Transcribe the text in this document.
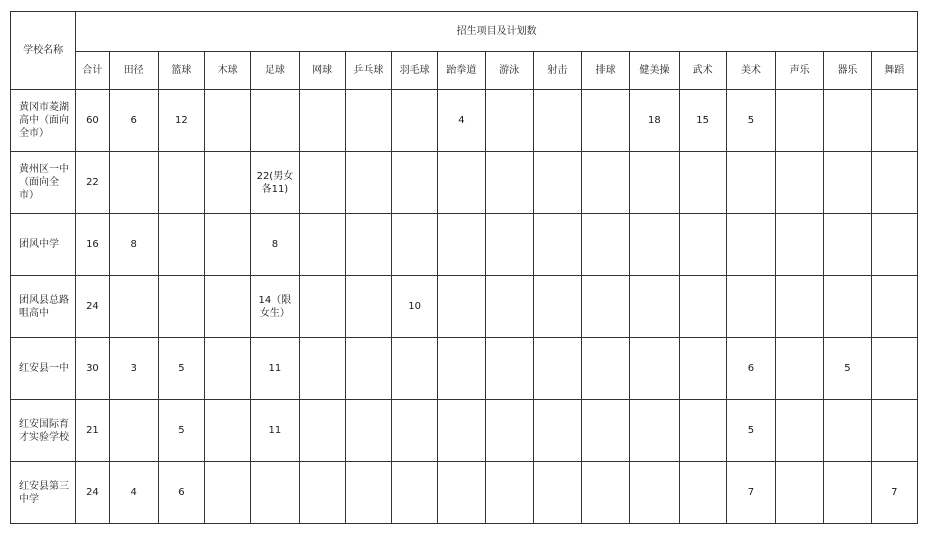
学校名称	招生项目及计划数																	
	合计	田径	篮球	木球	足球	网球	乒乓球	羽毛球	跆拳道	游泳	射击	排球	健美操	武术	美术	声乐	器乐	舞蹈
黄冈市菱湖高中（面向全市）	60	6	12						4				18	15	5			
黄州区一中（面向全市）	22				22(男女各11)													
团风中学	16	8			8													
团风县总路咀高中	24				14（限女生）			10										
红安县一中	30	3	5		11										6		5	
红安国际育才实验学校	21		5		11										5			
红安县第三中学	24	4	6												7			7
